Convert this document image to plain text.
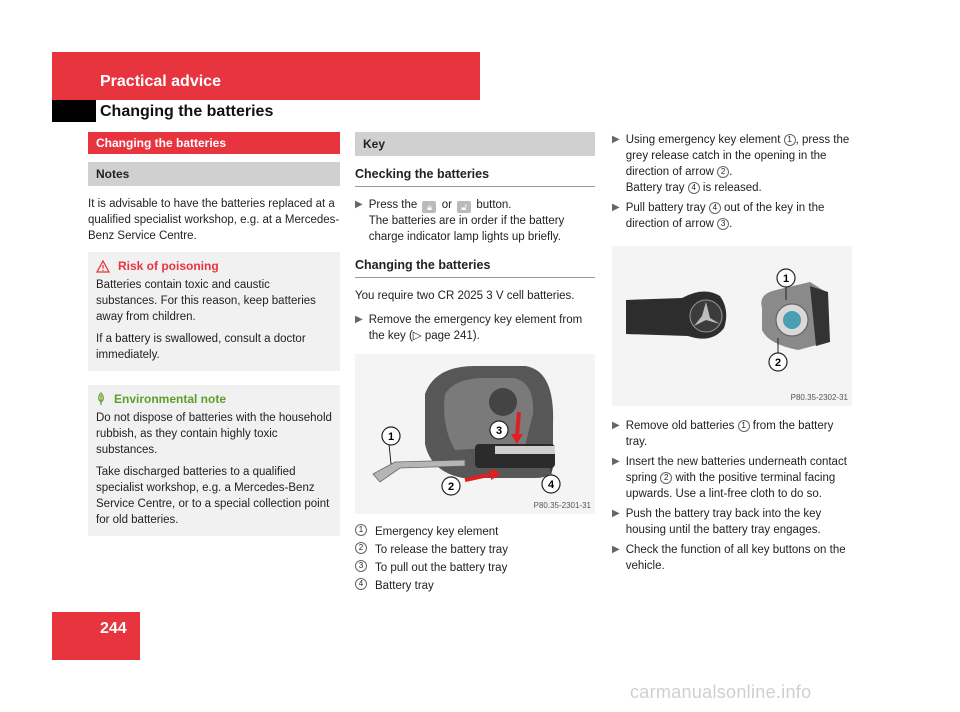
Practical advice
Changing the batteries
Changing the batteries
Notes

It is advisable to have the batteries replaced at a qualified specialist workshop, e.g. at a Mercedes-Benz Service Centre.

Risk of poisoning

Batteries contain toxic and caustic substances. For this reason, keep batteries away from children.

If a battery is swallowed, consult a doctor immediately.

Environmental note

Do not dispose of batteries with the household rubbish, as they contain highly toxic substances.

Take discharged batteries to a qualified specialist workshop, e.g. a Mercedes-Benz Service Centre, or to a special collection point for old batteries.

Key
Checking the batteries
▶ Press the 🔒︎ or 🔓︎ button.
The batteries are in order if the battery charge indicator lamp lights up briefly.
Changing the batteries

You require two CR 2025 3 V cell batteries.

▶ Remove the emergency key element from the key (▷ page 241).
1
2
3
4
P80.35-2301-31
1	Emergency key element
2	To release the battery tray
3	To pull out the battery tray
4	Battery tray
▶ Using emergency key element 1 , press the grey release catch in the opening in the direction of arrow 2 .
Battery tray 4 is released.
▶ Pull battery tray 4 out of the key in the direction of arrow 3 .
1
2
P80.35-2302-31
▶ Remove old batteries 1 from the battery tray.
▶ Insert the new batteries underneath contact spring 2 with the positive terminal facing upwards. Use a lint-free cloth to do so.
▶ Push the battery tray back into the key housing until the battery tray engages.
▶ Check the function of all key buttons on the vehicle.
244
carmanualsonline.info
